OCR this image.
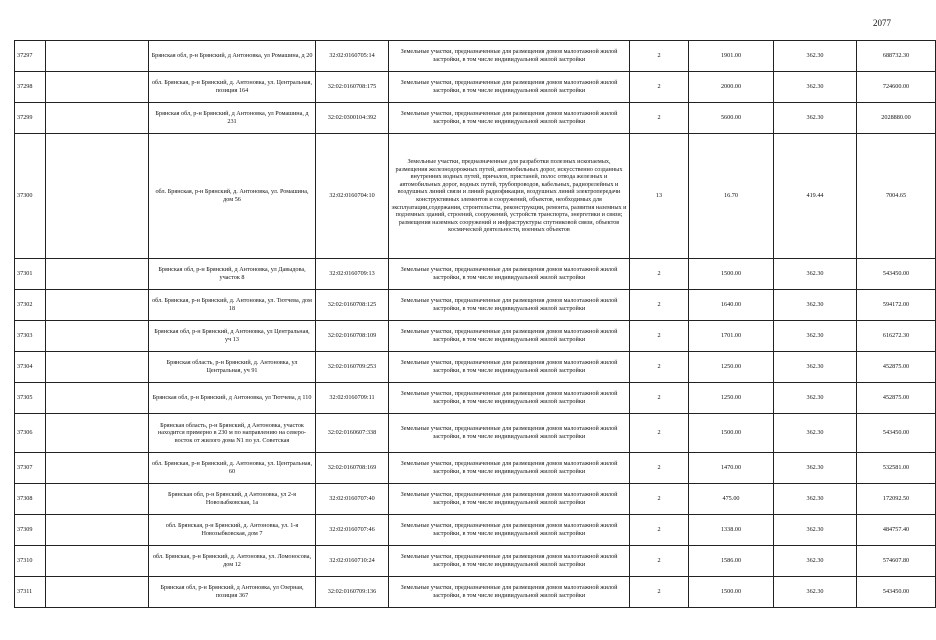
2077
37297		Брянская обл, р-н Брянский, д Антоновка, ул Ромашина, д 20	32:02:0160705:14	Земельные участки, предназначенные для размещения домов малоэтажной жилой застройки, в том числе индивидуальной жилой застройки	2	1901.00	362.30	688732.30
37298		обл. Брянская, р-н Брянский, д. Антоновка, ул. Центральная, позиция 164	32:02:0160708:175	Земельные участки, предназначенные для размещения домов малоэтажной жилой застройки, в том числе индивидуальной жилой застройки	2	2000.00	362.30	724600.00
37299		Брянская обл, р-н Брянский, д Антоновка, ул Ромашина, д 231	32:02:0300104:392	Земельные участки, предназначенные для размещения домов малоэтажной жилой застройки, в том числе индивидуальной жилой застройки	2	5600.00	362.30	2028880.00
37300		обл. Брянская, р-н Брянский, д. Антоновка, ул. Ромашина, дом 56	32:02:0160704:10	Земельные участки, предназначенные для разработки полезных ископаемых, размещения железнодорожных путей, автомобильных дорог, искусственно созданных внутренних водных путей, причалов, пристаней, полос отвода железных и автомобильных дорог, водных путей, трубопроводов, кабельных, радиорелейных и воздушных линий связи и линий радиофикации, воздушных линий электропередачи конструктивных элементов и сооружений, объектов, необходимых для эксплуатации,содержания, строительства, реконструкции, ремонта, развития наземных и подземных зданий, строений, сооружений, устройств транспорта, энергетики и связи; размещения наземных сооружений и инфраструктуры спутниковой связи, объектов космической деятельности, военных объектов	13	16.70	419.44	7004.65
37301		Брянская обл, р-н Брянский, д Антоновка, ул Давыдова, участок 8	32:02:0160709:13	Земельные участки, предназначенные для размещения домов малоэтажной жилой застройки, в том числе индивидуальной жилой застройки	2	1500.00	362.30	543450.00
37302		обл. Брянская, р-н Брянский, д. Антоновка, ул. Тютчева, дом 18	32:02:0160708:125	Земельные участки, предназначенные для размещения домов малоэтажной жилой застройки, в том числе индивидуальной жилой застройки	2	1640.00	362.30	594172.00
37303		Брянская обл, р-н Брянский, д Антоновка, ул Центральная, уч 13	32:02:0160708:109	Земельные участки, предназначенные для размещения домов малоэтажной жилой застройки, в том числе индивидуальной жилой застройки	2	1701.00	362.30	616272.30
37304		Брянская область, р-н Брянский, д. Антоновка, ул Центральная, уч 91	32:02:0160709:253	Земельные участки, предназначенные для размещения домов малоэтажной жилой застройки, в том числе индивидуальной жилой застройки	2	1250.00	362.30	452875.00
37305		Брянская обл, р-н Брянский, д Антоновка, ул Тютчева, д 110	32:02:0160709:11	Земельные участки, предназначенные для размещения домов малоэтажной жилой застройки, в том числе индивидуальной жилой застройки	2	1250.00	362.30	452875.00
37306		Брянская область, р-н Брянский, д Антоновка, участок находится примерно в 230 м по направлению на северо-восток от жилого дома N1 по ул. Советская	32:02:0160607:338	Земельные участки, предназначенные для размещения домов малоэтажной жилой застройки, в том числе индивидуальной жилой застройки	2	1500.00	362.30	543450.00
37307		обл. Брянская, р-н Брянский, д. Антоновка, ул. Центральная, 60	32:02:0160708:169	Земельные участки, предназначенные для размещения домов малоэтажной жилой застройки, в том числе индивидуальной жилой застройки	2	1470.00	362.30	532581.00
37308		Брянская обл, р-н Брянский, д Антоновка, ул 2-я Новозыбковская, 1а	32:02:0160707:40	Земельные участки, предназначенные для размещения домов малоэтажной жилой застройки, в том числе индивидуальной жилой застройки	2	475.00	362.30	172092.50
37309		обл. Брянская, р-н Брянский, д. Антоновка, ул. 1-я Новозыбковская, дом 7	32:02:0160707:46	Земельные участки, предназначенные для размещения домов малоэтажной жилой застройки, в том числе индивидуальной жилой застройки	2	1338.00	362.30	484757.40
37310		обл. Брянская, р-н Брянский, д. Антоновка, ул. Ломоносова, дом 12	32:02:0160710:24	Земельные участки, предназначенные для размещения домов малоэтажной жилой застройки, в том числе индивидуальной жилой застройки	2	1586.00	362.30	574607.80
37311		Брянская обл, р-н Брянский, д Антоновка, ул Озерная, позиция 367	32:02:0160709:136	Земельные участки, предназначенные для размещения домов малоэтажной жилой застройки, в том числе индивидуальной жилой застройки	2	1500.00	362.30	543450.00
